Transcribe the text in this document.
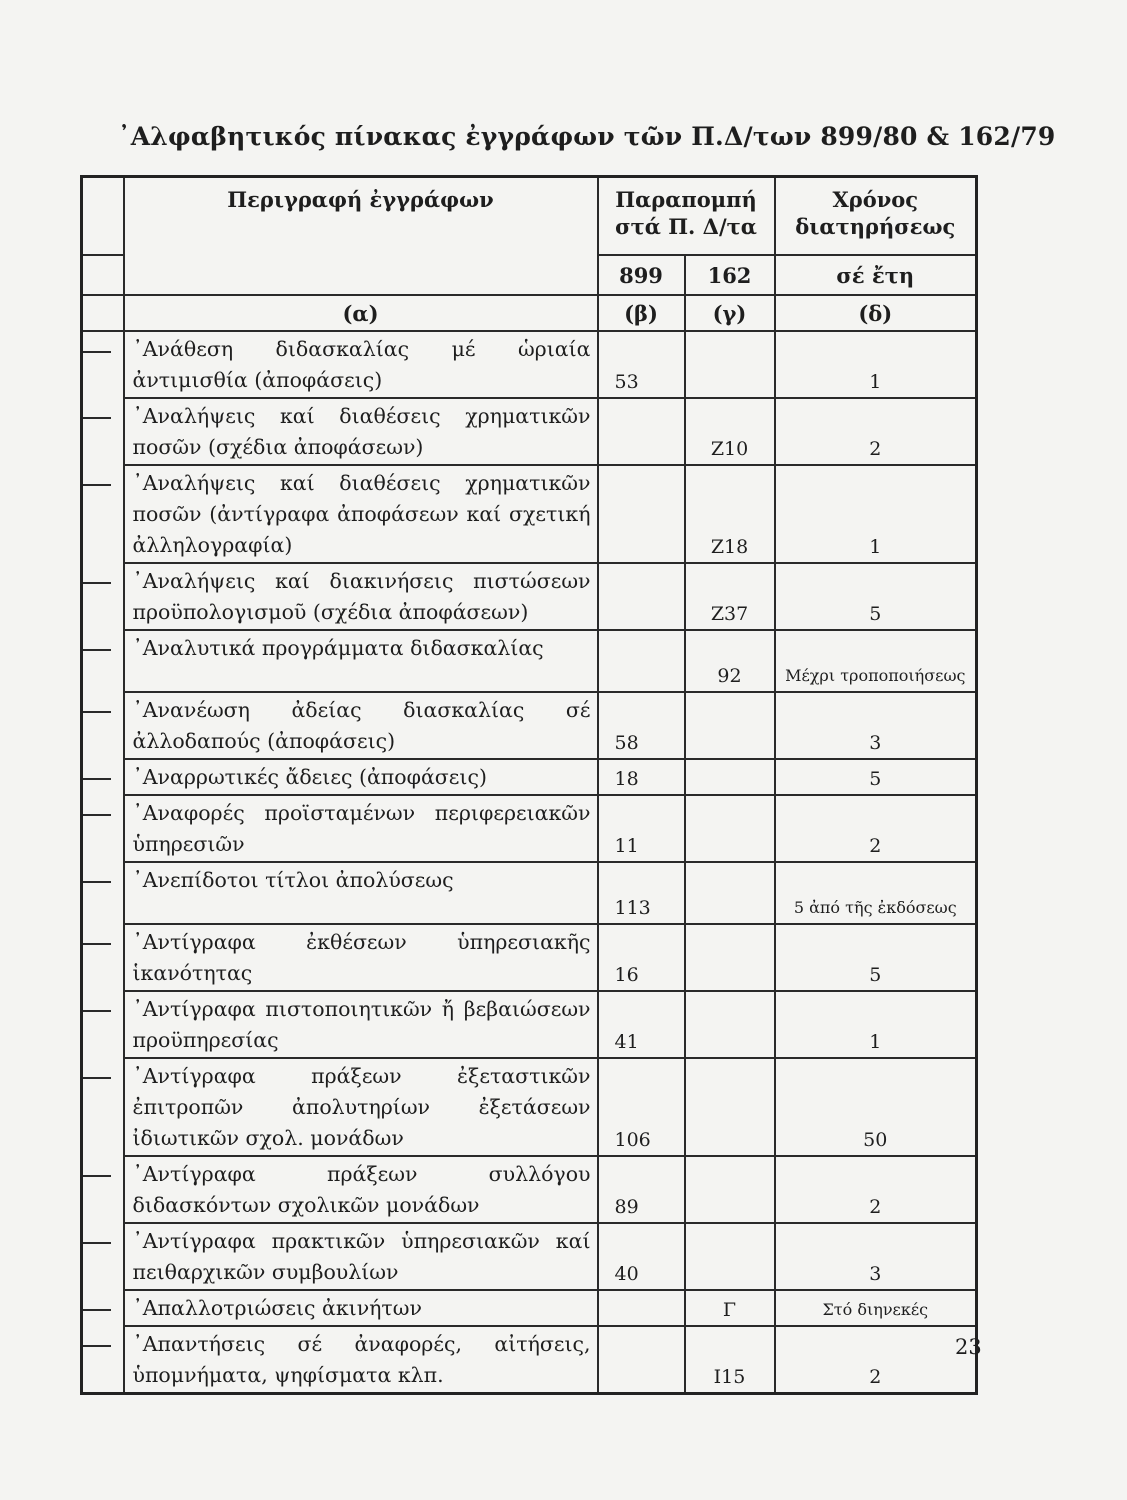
᾿Αλφαβητικός πίνακας ἐγγράφων τῶν Π.Δ/των 899/80 & 162/79
	Περιγραφή ἐγγράφων	Παραπομπή στά Π. Δ/τα		Χρόνος διατηρήσεως
		899	162	σέ ἔτη
	(α)	(β)	(γ)	(δ)

	᾿Ανάθεση διδασκαλίας μέ ὡριαία ἀντιμισθία (ἀποφάσεις)	53		1

	᾿Αναλήψεις καί διαθέσεις χρηματικῶν ποσῶν (σχέδια ἀποφάσεων)		Ζ10	2

	᾿Αναλήψεις καί διαθέσεις χρηματικῶν ποσῶν (ἀντίγραφα ἀποφάσεων καί σχετική ἀλληλογραφία)		Ζ18	1

	᾿Αναλήψεις καί διακινήσεις πιστώσεων προϋπολογισμοῦ (σχέδια ἀποφάσεων)		Ζ37	5

	᾿Αναλυτικά προγράμματα διδασκαλίας		92	Μέχρι τροποποιήσεως

	᾿Ανανέωση ἀδείας διασκαλίας σέ ἀλλοδαπούς (ἀποφάσεις)	58		3

	᾿Αναρρωτικές ἄδειες (ἀποφάσεις)	18		5

	᾿Αναφορές προϊσταμένων περιφερειακῶν ὑπηρεσιῶν	11		2

	᾿Ανεπίδοτοι τίτλοι ἀπολύσεως	113		5 ἀπό τῆς ἐκδόσεως

	᾿Αντίγραφα ἐκθέσεων ὑπηρεσιακῆς ἱκανότητας	16		5

	᾿Αντίγραφα πιστοποιητικῶν ἤ βεβαιώσεων προϋπηρεσίας	41		1

	᾿Αντίγραφα πράξεων ἐξεταστικῶν ἐπιτροπῶν ἀπολυτηρίων ἐξετάσεων ἰδιωτικῶν σχολ. μονάδων	106		50

	᾿Αντίγραφα πράξεων συλλόγου διδασκόντων σχολικῶν μονάδων	89		2

	᾿Αντίγραφα πρακτικῶν ὑπηρεσιακῶν καί πειθαρχικῶν συμβουλίων	40		3

	᾿Απαλλοτριώσεις ἀκινήτων		Γ	Στό διηνεκές

	᾿Απαντήσεις σέ ἀναφορές, αἰτήσεις, ὑπομνήματα, ψηφίσματα κλπ.		Ι15	2
23
